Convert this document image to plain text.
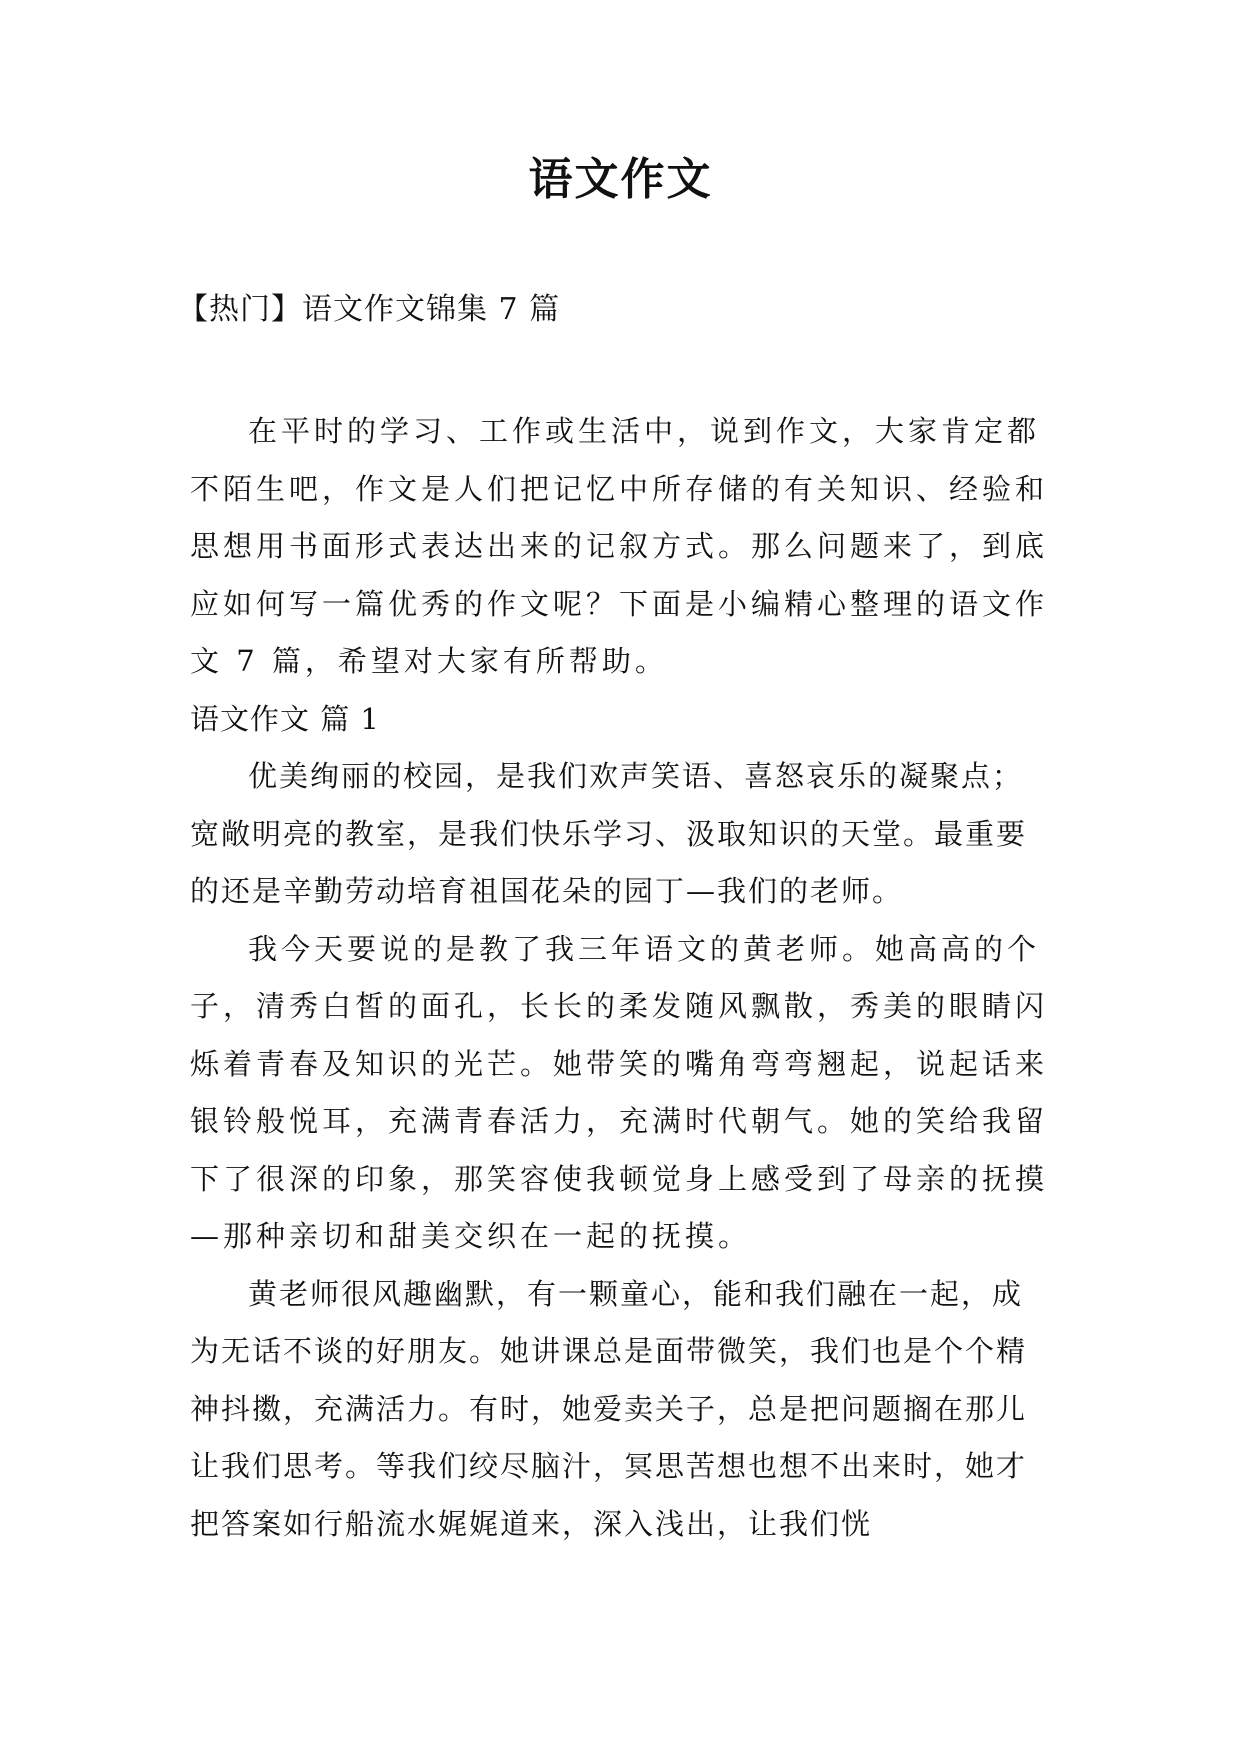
语文作文
【热门】语文作文锦集 7 篇

在平时的学习、工作或生活中，说到作文，大家肯定都不陌生吧，作文是人们把记忆中所存储的有关知识、经验和思想用书面形式表达出来的记叙方式。那么问题来了，到底应如何写一篇优秀的作文呢？下面是小编精心整理的语文作文 7 篇，希望对大家有所帮助。

语文作文 篇 1

优美绚丽的校园，是我们欢声笑语、喜怒哀乐的凝聚点；宽敞明亮的教室，是我们快乐学习、汲取知识的天堂。最重要的还是辛勤劳动培育祖国花朵的园丁—我们的老师。

我今天要说的是教了我三年语文的黄老师。她高高的个子，清秀白皙的面孔，长长的柔发随风飘散，秀美的眼睛闪烁着青春及知识的光芒。她带笑的嘴角弯弯翘起，说起话来银铃般悦耳，充满青春活力，充满时代朝气。她的笑给我留下了很深的印象，那笑容使我顿觉身上感受到了母亲的抚摸—那种亲切和甜美交织在一起的抚摸。

黄老师很风趣幽默，有一颗童心，能和我们融在一起，成为无话不谈的好朋友。她讲课总是面带微笑，我们也是个个精神抖擞，充满活力。有时，她爱卖关子，总是把问题搁在那儿让我们思考。等我们绞尽脑汁，冥思苦想也想不出来时，她才把答案如行船流水娓娓道来，深入浅出，让我们恍
